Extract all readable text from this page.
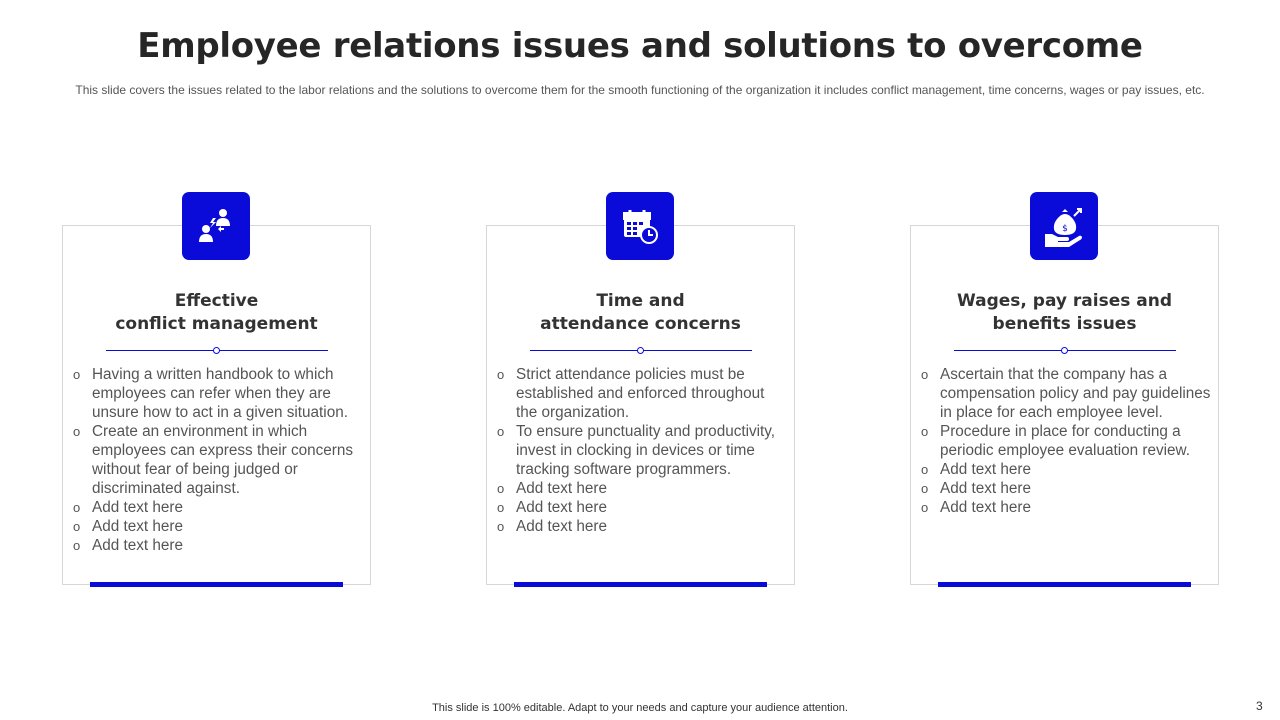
Employee relations issues and solutions to overcome
This slide covers the issues related to the labor relations and the solutions to overcome them for the smooth functioning of the organization it includes conflict management, time concerns, wages or pay issues, etc.
Effective
conflict management
o Having a written handbook to which employees can refer when they are unsure how to act in a given situation.
o Create an environment in which employees can express their concerns without fear of being judged or discriminated against.
o Add text here
o Add text here
o Add text here
Time and
attendance concerns
o Strict attendance policies must be established and enforced throughout the organization.
o To ensure punctuality and productivity, invest in clocking in devices or time tracking software programmers.
o Add text here
o Add text here
o Add text here
$
Wages, pay raises and
benefits issues
o Ascertain that the company has a compensation policy and pay guidelines in place for each employee level.
o Procedure in place for conducting a periodic employee evaluation review.
o Add text here
o Add text here
o Add text here
This slide is 100% editable. Adapt to your needs and capture your audience attention.	3
